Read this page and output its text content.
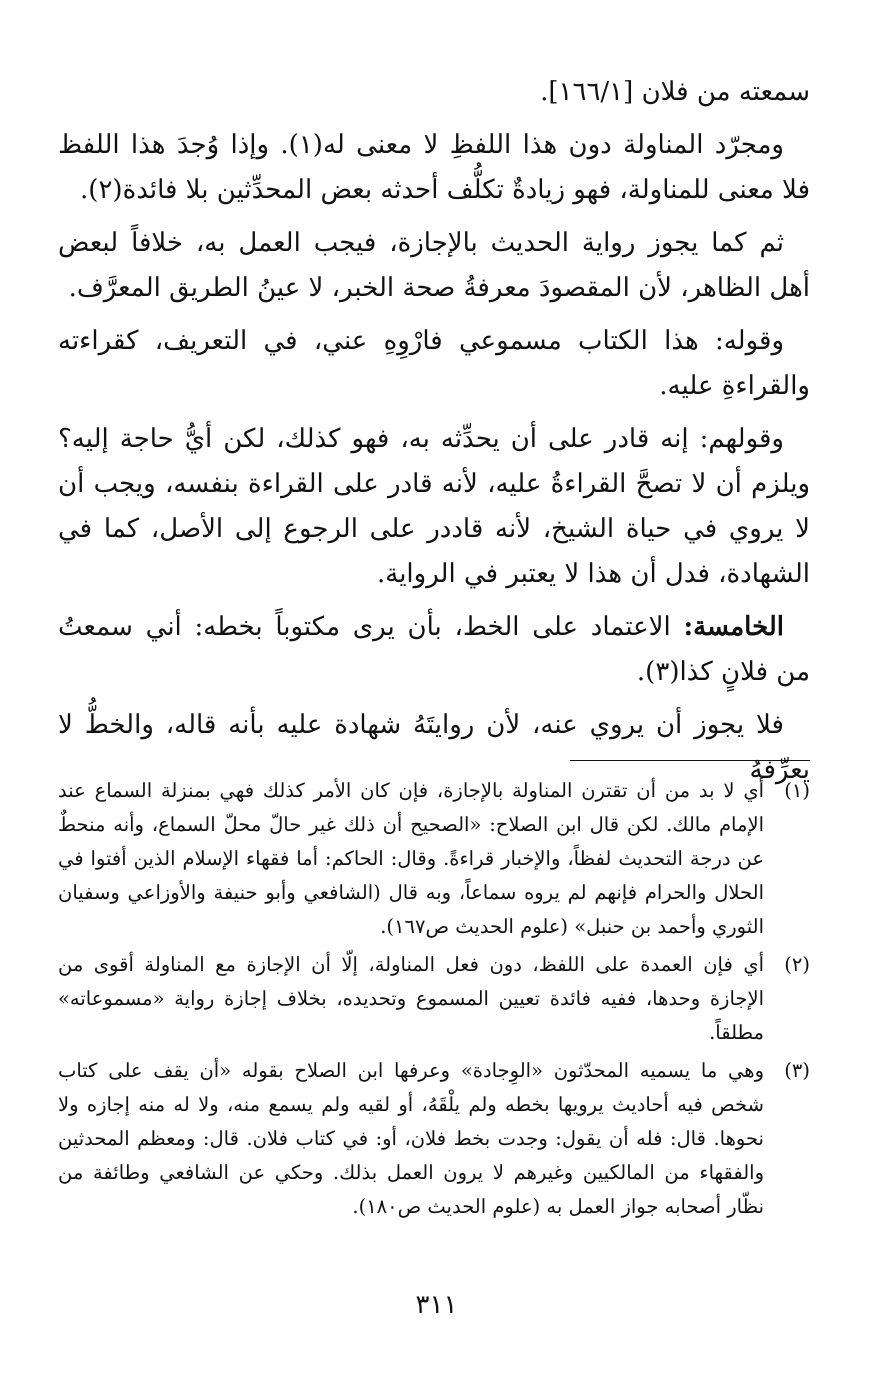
سمعته من فلان [١٦٦/١].

ومجرّد المناولة دون هذا اللفظِ لا معنى له(١). وإذا وُجدَ هذا اللفظ فلا معنى للمناولة، فهو زيادةٌ تكلُّف أحدثه بعض المحدِّثين بلا فائدة(٢).

ثم كما يجوز رواية الحديث بالإجازة، فيجب العمل به، خلافاً لبعض أهل الظاهر، لأن المقصودَ معرفةُ صحة الخبر، لا عينُ الطريق المعرَّف.

وقوله: هذا الكتاب مسموعي فارْوِهِ عني، في التعريف، كقراءته والقراءةِ عليه.

وقولهم: إنه قادر على أن يحدِّثه به، فهو كذلك، لكن أيُّ حاجة إليه؟ ويلزم أن لا تصحَّ القراءةُ عليه، لأنه قادر على القراءة بنفسه، ويجب أن لا يروي في حياة الشيخ، لأنه قاددر على الرجوع إلى الأصل، كما في الشهادة، فدل أن هذا لا يعتبر في الرواية.

الخامسة: الاعتماد على الخط، بأن يرى مكتوباً بخطه: أني سمعتُ من فلانٍ كذا(٣).

فلا يجوز أن يروي عنه، لأن روايتَهُ شهادة عليه بأنه قاله، والخطُّ لا يعرِّفهُ

(١)
أي لا بد من أن تقترن المناولة بالإجازة، فإن كان الأمر كذلك فهي بمنزلة السماع عند الإمام مالك. لكن قال ابن الصلاح: «الصحيح أن ذلك غير حالّ محلّ السماع، وأنه منحطٌ عن درجة التحديث لفظاً، والإخبار قراءةً. وقال: الحاكم: أما فقهاء الإسلام الذين أفتوا في الحلال والحرام فإنهم لم يروه سماعاً، وبه قال (الشافعي وأبو حنيفة والأوزاعي وسفيان الثوري وأحمد بن حنبل» (علوم الحديث ص١٦٧).
(٢)
أي فإن العمدة على اللفظ، دون فعل المناولة، إلّا أن الإجازة مع المناولة أقوى من الإجازة وحدها، ففيه فائدة تعيين المسموع وتحديده، بخلاف إجازة رواية «مسموعاته» مطلقاً.
(٣)
وهي ما يسميه المحدّثون «الوِجادة» وعرفها ابن الصلاح بقوله «أن يقف على كتاب شخص فيه أحاديث يرويها بخطه ولم يلْقَهُ، أو لقيه ولم يسمع منه، ولا له منه إجازه ولا نحوها. قال: فله أن يقول: وجدت بخط فلان، أو: في كتاب فلان. قال: ومعظم المحدثين والفقهاء من المالكيين وغيرهم لا يرون العمل بذلك. وحكي عن الشافعي وطائفة من نظّار أصحابه جواز العمل به (علوم الحديث ص١٨٠).
٣١١
